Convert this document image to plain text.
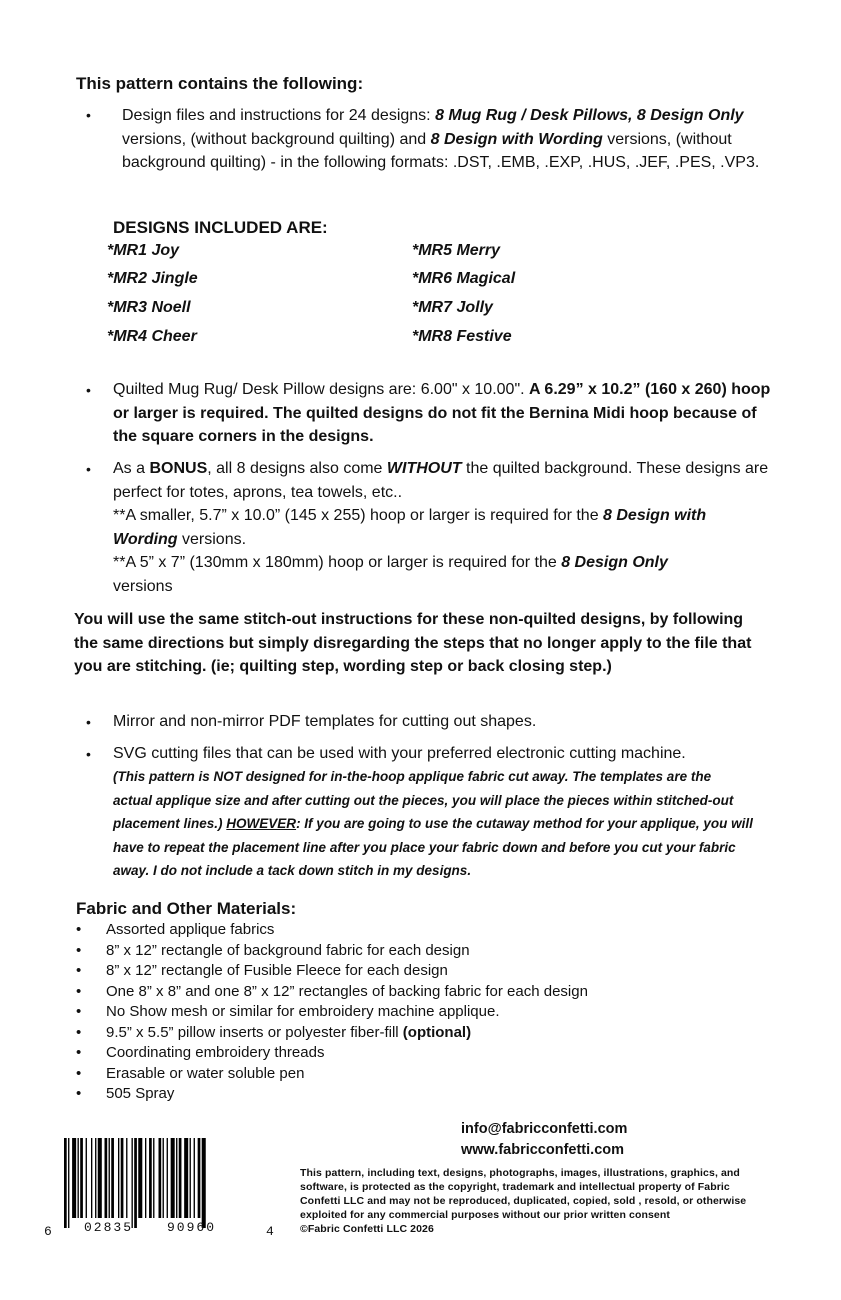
This pattern contains the following:
• Design files and instructions for 24 designs: 8 Mug Rug / Desk Pillows, 8 Design Only versions, (without background quilting) and 8 Design with Wording versions, (without background quilting) - in the following formats: .DST, .EMB, .EXP, .HUS, .JEF, .PES, .VP3.
DESIGNS INCLUDED ARE:
*MR1 Joy
*MR2 Jingle
*MR3 Noell
*MR4 Cheer
*MR5 Merry
*MR6 Magical
*MR7 Jolly
*MR8 Festive
• Quilted Mug Rug/ Desk Pillow designs are: 6.00" x 10.00". A 6.29” x 10.2” (160 x 260) hoop or larger is required. The quilted designs do not fit the Bernina Midi hoop because of the square corners in the designs.
• As a BONUS, all 8 designs also come WITHOUT the quilted background. These designs are perfect for totes, aprons, tea towels, etc..
**A smaller, 5.7” x 10.0” (145 x 255) hoop or larger is required for the 8 Design with Wording versions.
**A 5” x 7” (130mm x 180mm) hoop or larger is required for the 8 Design Only
versions
You will use the same stitch-out instructions for these non-quilted designs, by following the same directions but simply disregarding the steps that no longer apply to the file that you are stitching. (ie; quilting step, wording step or back closing step.)
• Mirror and non-mirror PDF templates for cutting out shapes.
• SVG cutting files that can be used with your preferred electronic cutting machine.
(This pattern is NOT designed for in-the-hoop applique fabric cut away. The templates are the actual applique size and after cutting out the pieces, you will place the pieces within stitched-out placement lines.) HOWEVER: If you are going to use the cutaway method for your applique, you will have to repeat the placement line after you place your fabric down and before you cut your fabric away. I do not include a tack down stitch in my designs.
Fabric and Other Materials:
• Assorted applique fabrics
• 8” x 12” rectangle of background fabric for each design
• 8” x 12” rectangle of Fusible Fleece for each design
• One 8” x 8” and one 8” x 12” rectangles of backing fabric for each design
• No Show mesh or similar for embroidery machine applique.
• 9.5” x 5.5” pillow inserts or polyester fiber-fill (optional)
• Coordinating embroidery threads
• Erasable or water soluble pen
• 505 Spray
info@fabricconfetti.com
www.fabricconfetti.com
This pattern, including text, designs, photographs, images, illustrations, graphics, and
software, is protected as the copyright, trademark and intellectual property of Fabric
Confetti LLC and may not be reproduced, duplicated, copied, sold , resold, or otherwise
exploited for any commercial purposes without our prior written consent
©Fabric Confetti LLC 2026
6 02835	90960	4
